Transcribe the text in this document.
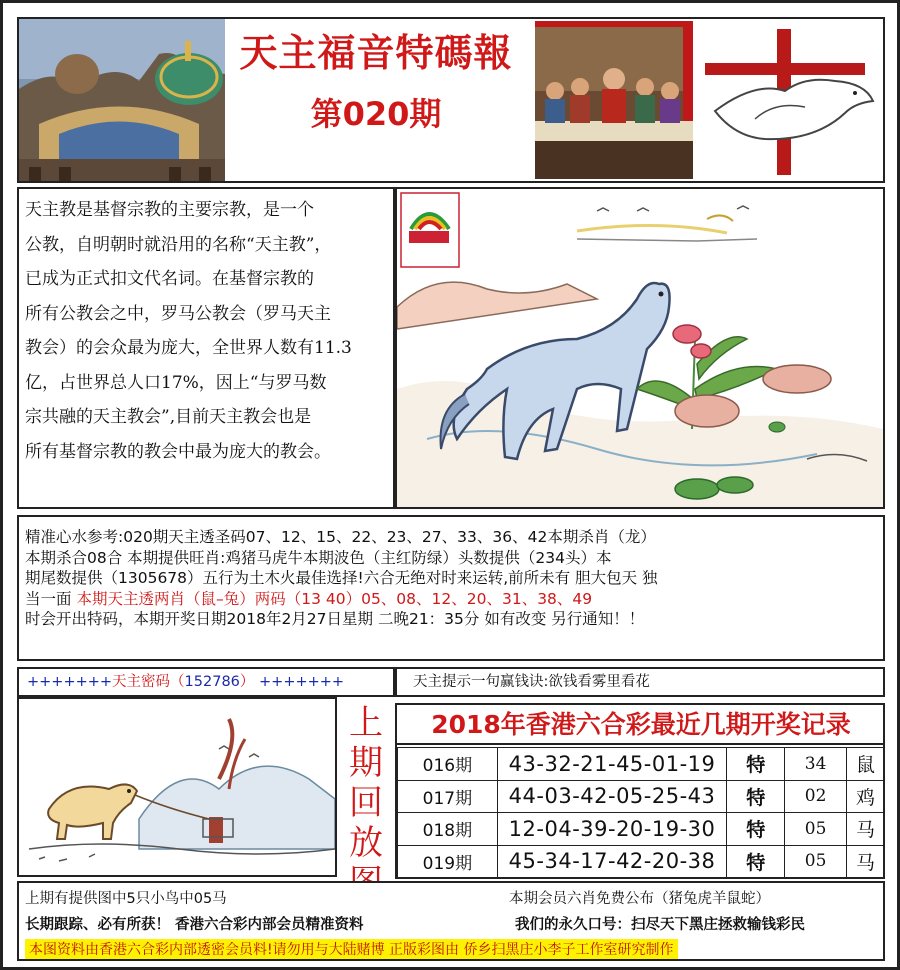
天主福音特碼報
第020期

天主教是基督宗教的主要宗教，是一个

公教，自明朝时就沿用的名称“天主教”，

已成为正式扣文代名词。在基督宗教的

所有公教会之中，罗马公教会（罗马天主

教会）的会众最为庞大，全世界人数有11.3

亿，占世界总人口17%，因上“与罗马数

宗共融的天主教会”,目前天主教会也是

所有基督宗教的教会中最为庞大的教会。

精准心水参考:020期天主透圣码07、12、15、22、23、27、33、36、42本期杀肖（龙）

本期杀合08合 本期提供旺肖:鸡猪马虎牛本期波色（主红防绿）头数提供（234头）本

期尾数提供（1305678）五行为土木火最佳选择!六合无绝对时来运转,前所未有 胆大包天 独

当一面 本期天主透两肖（鼠–兔）两码（13 40）05、08、12、20、31、38、49

时会开出特码，本期开奖日期2018年2月27日星期 二晚21：35分 如有改变 另行通知！！

+++++++天主密码（152786） +++++++	天主提示一句赢钱诀:欲钱看雾里看花
上
期
回
放
2018年香港六合彩最近几期开奖记录
016期	43-32-21-45-01-19	特	34	鼠
017期	44-03-42-05-25-43	特	02	鸡
018期	12-04-39-20-19-30	特	05	马
019期	45-34-17-42-20-38	特	05	马
上期有提供图中5只小鸟中05马	本期会员六肖免费公布（猪兔虎羊鼠蛇）
长期跟踪、必有所获！ 香港六合彩内部会员精准资料	我们的永久口号：扫尽天下黑庄拯救输钱彩民
本图资料由香港六合彩内部透密会员料!请勿用与大陆赌博 正版彩图由 侨乡扫黑庄小李子工作室研究制作
